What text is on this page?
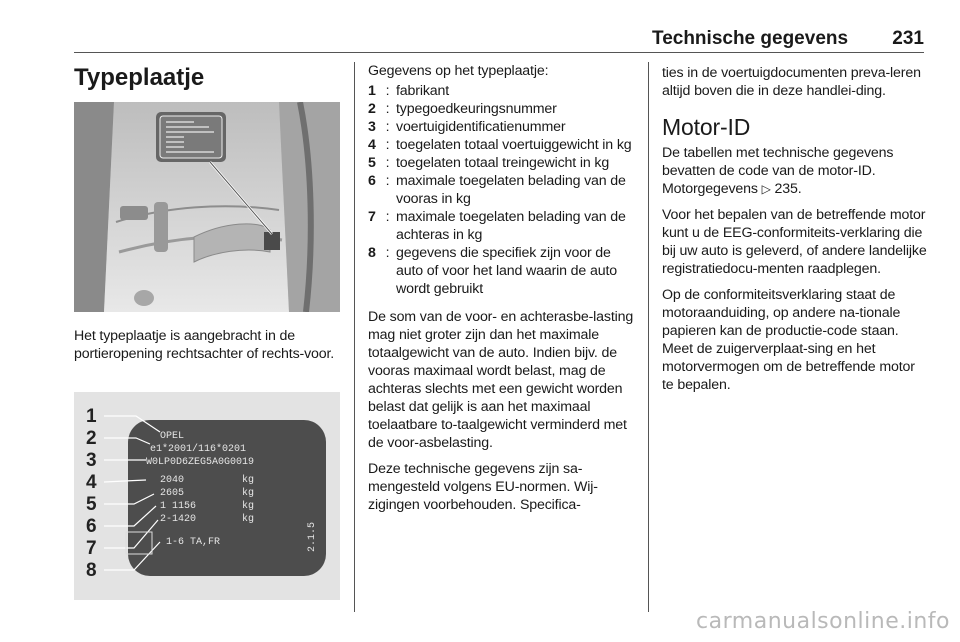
Technische gegevens 231
Typeplaatje
Het typeplaatje is aangebracht in de portieropening rechtsachter of rechts-voor.
1
2
3
4
5
6
7
8
OPEL
e1*2001/116*0201
W0LP0D6ZEG5A0G0019
2040
2605
1 1156
2-1420
kg
kg
kg
kg
1-6 TA,FR	2.1.5

Gegevens op het typeplaatje:

1 : fabrikant
2 : typegoedkeuringsnummer
3 : voertuigidentificatienummer
4 : toegelaten totaal voertuiggewicht in kg
5 : toegelaten totaal treingewicht in kg
6 : maximale toegelaten belading van de vooras in kg
7 : maximale toegelaten belading van de achteras in kg
8 : gegevens die specifiek zijn voor de auto of voor het land waarin de auto wordt gebruikt

De som van de voor- en achterasbe-lasting mag niet groter zijn dan het maximale totaalgewicht van de auto. Indien bijv. de vooras maximaal wordt belast, mag de achteras slechts met een gewicht worden belast dat gelijk is aan het maximaal toelaatbare to-taalgewicht verminderd met de voor-asbelasting.

Deze technische gegevens zijn sa-mengesteld volgens EU-normen. Wij-zigingen voorbehouden. Specifica-

ties in de voertuigdocumenten preva-leren altijd boven die in deze handlei-ding.

Motor-ID

De tabellen met technische gegevens bevatten de code van de motor-ID. Motorgegevens ▷ 235.

Voor het bepalen van de betreffende motor kunt u de EEG-conformiteits-verklaring die bij uw auto is geleverd, of andere landelijke registratiedocu-menten raadplegen.

Op de conformiteitsverklaring staat de motoraanduiding, op andere na-tionale papieren kan de productie-code staan. Meet de zuigerverplaat-sing en het motorvermogen om de betreffende motor te bepalen.

carmanualsonline.info
